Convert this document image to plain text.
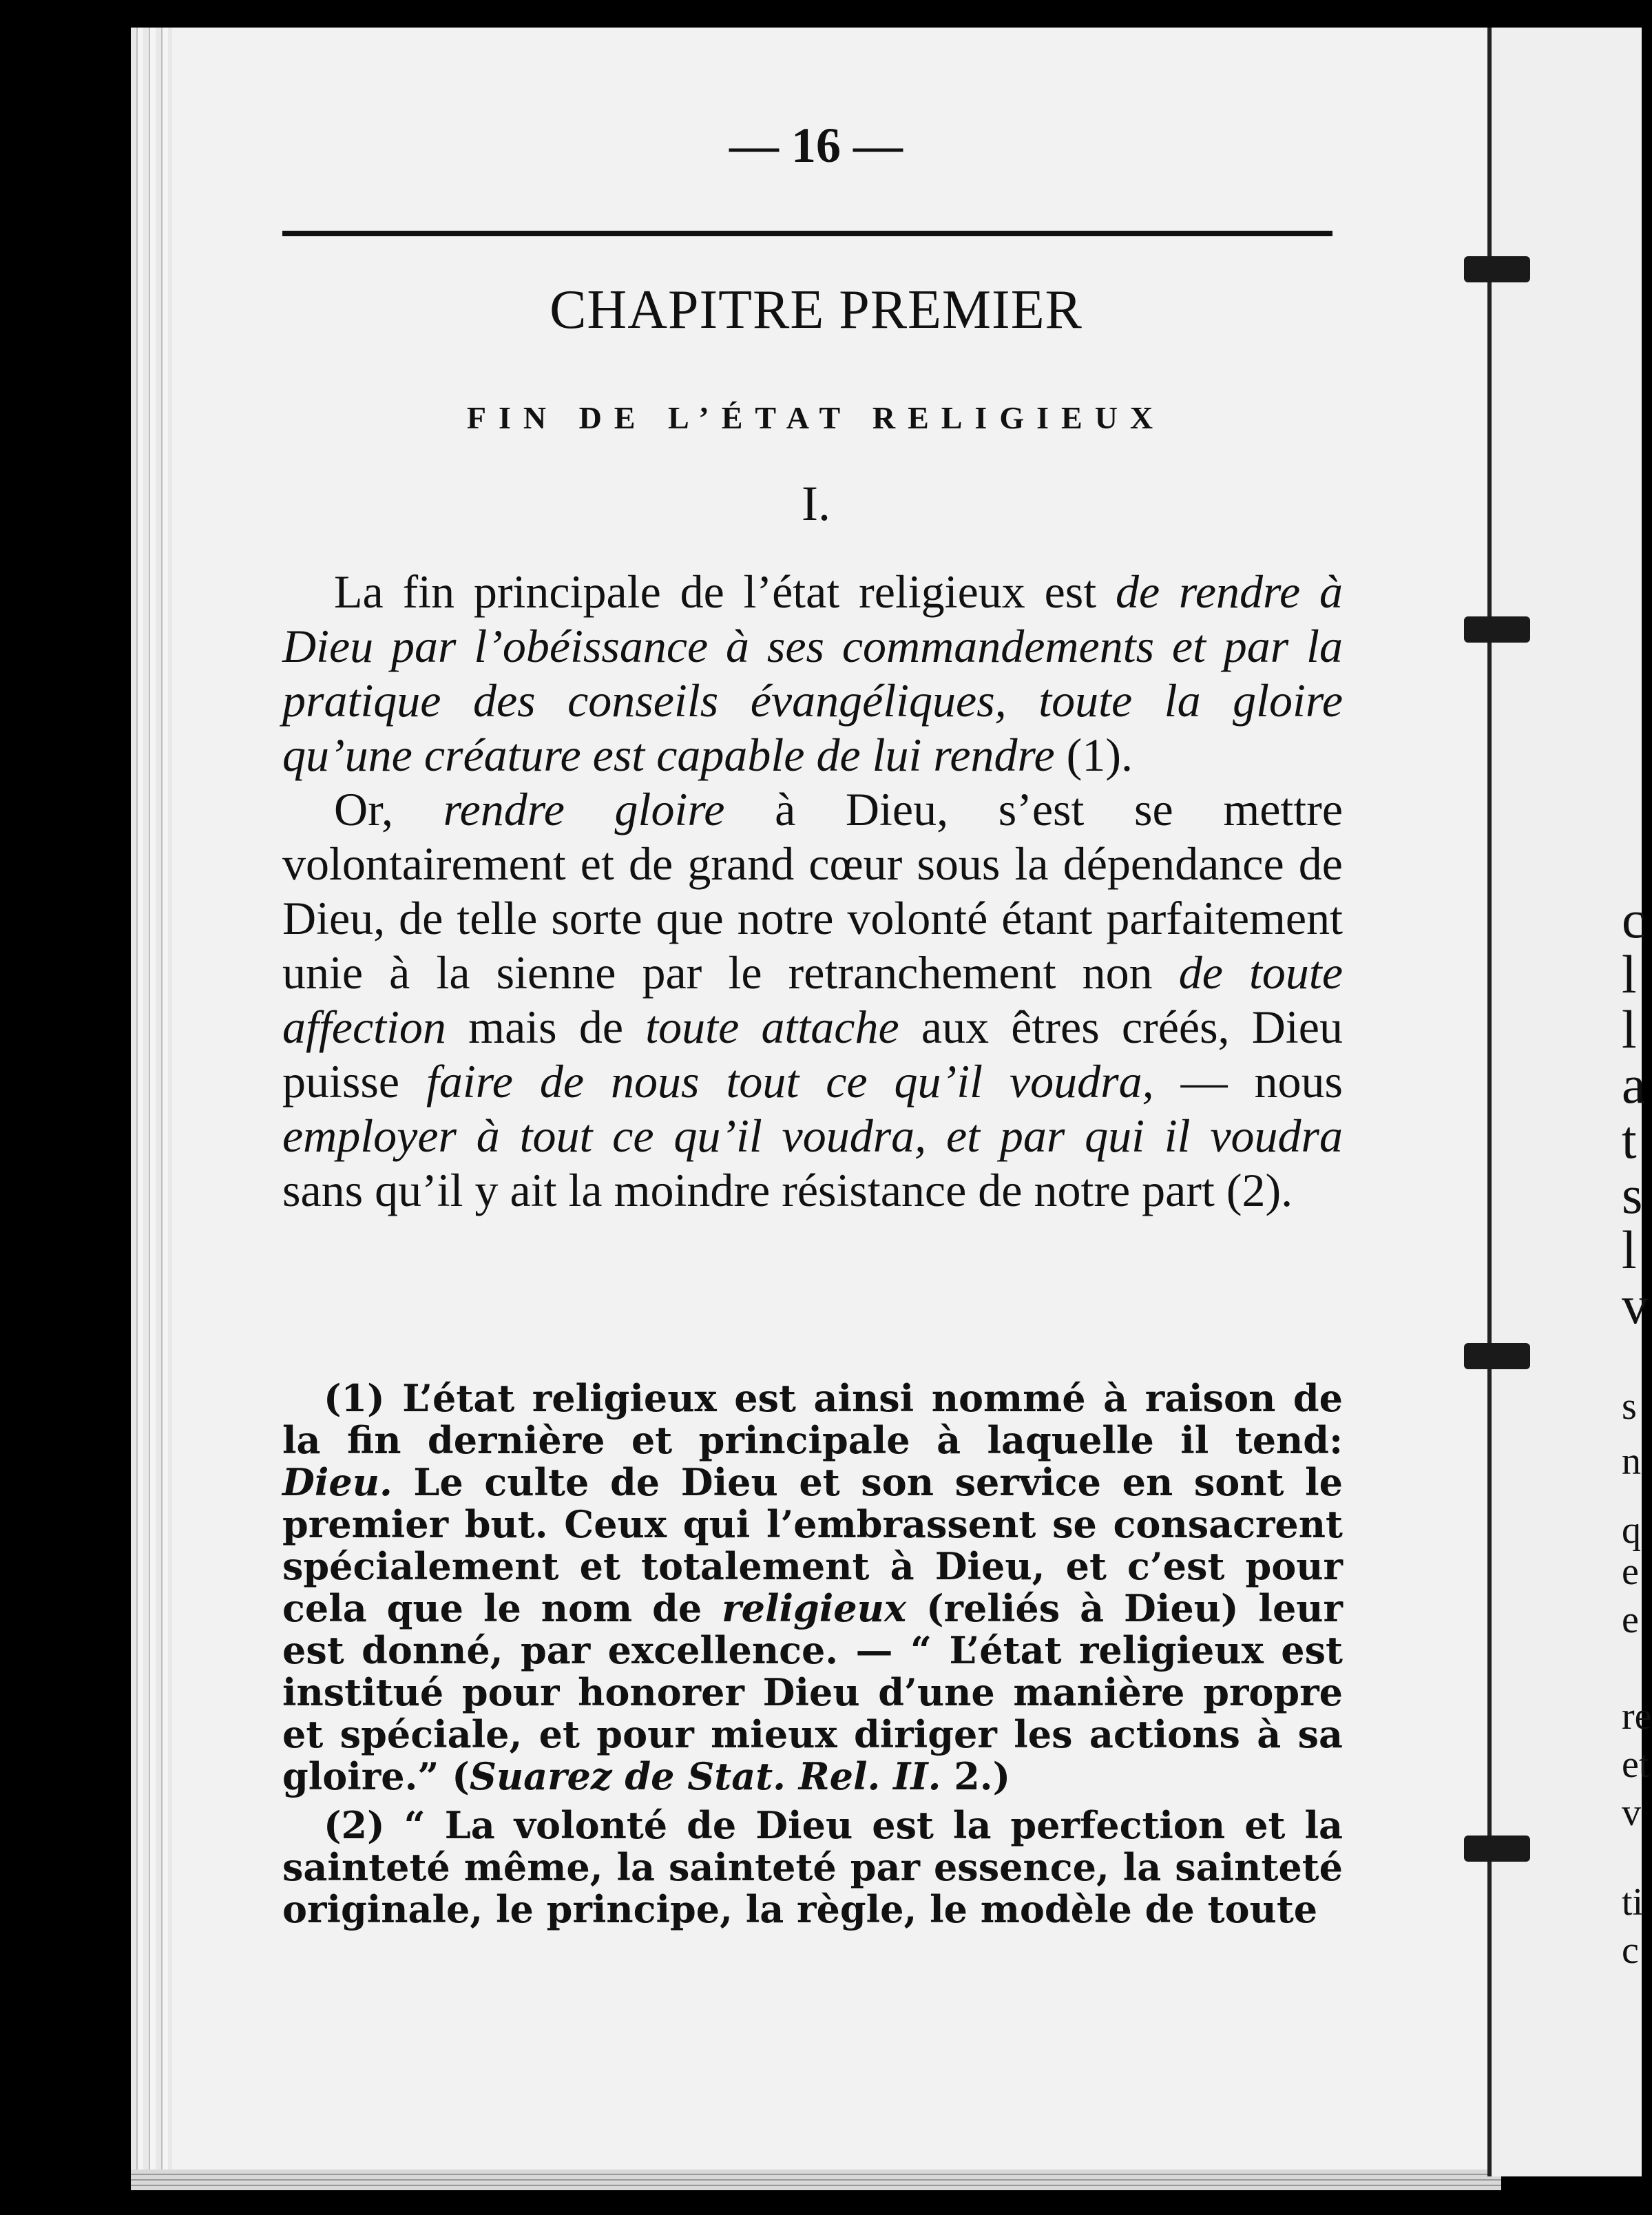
c
l
l
a
t
s
l
v
s
n
q
e
e
re
et
v
ti
c
— 16 —
CHAPITRE PREMIER
FIN DE L’ÉTAT RELIGIEUX
I.

La fin principale de l’état religieux est de rendre à Dieu par l’obéissance à ses commandements et par la pratique des conseils évangéliques, toute la gloire qu’une créature est capable de lui rendre (1).

Or, rendre gloire à Dieu, s’est se mettre volontairement et de grand cœur sous la dépendance de Dieu, de telle sorte que notre volonté étant parfaitement unie à la sienne par le retranchement non de toute affection mais de toute attache aux êtres créés, Dieu puisse faire de nous tout ce qu’il voudra, — nous employer à tout ce qu’il voudra, et par qui il voudra sans qu’il y ait la moindre résistance de notre part (2).

(1) L’état religieux est ainsi nommé à raison de la fin dernière et principale à laquelle il tend: Dieu. Le culte de Dieu et son service en sont le premier but. Ceux qui l’embrassent se consacrent spécialement et totalement à Dieu, et c’est pour cela que le nom de religieux (reliés à Dieu) leur est donné, par excellence. — “ L’état religieux est institué pour honorer Dieu d’une manière propre et spéciale, et pour mieux diriger les actions à sa gloire.” (Suarez de Stat. Rel. II. 2.)

(2) “ La volonté de Dieu est la perfection et la sainteté même, la sainteté par essence, la sainteté originale, le principe, la règle, le modèle de toute
